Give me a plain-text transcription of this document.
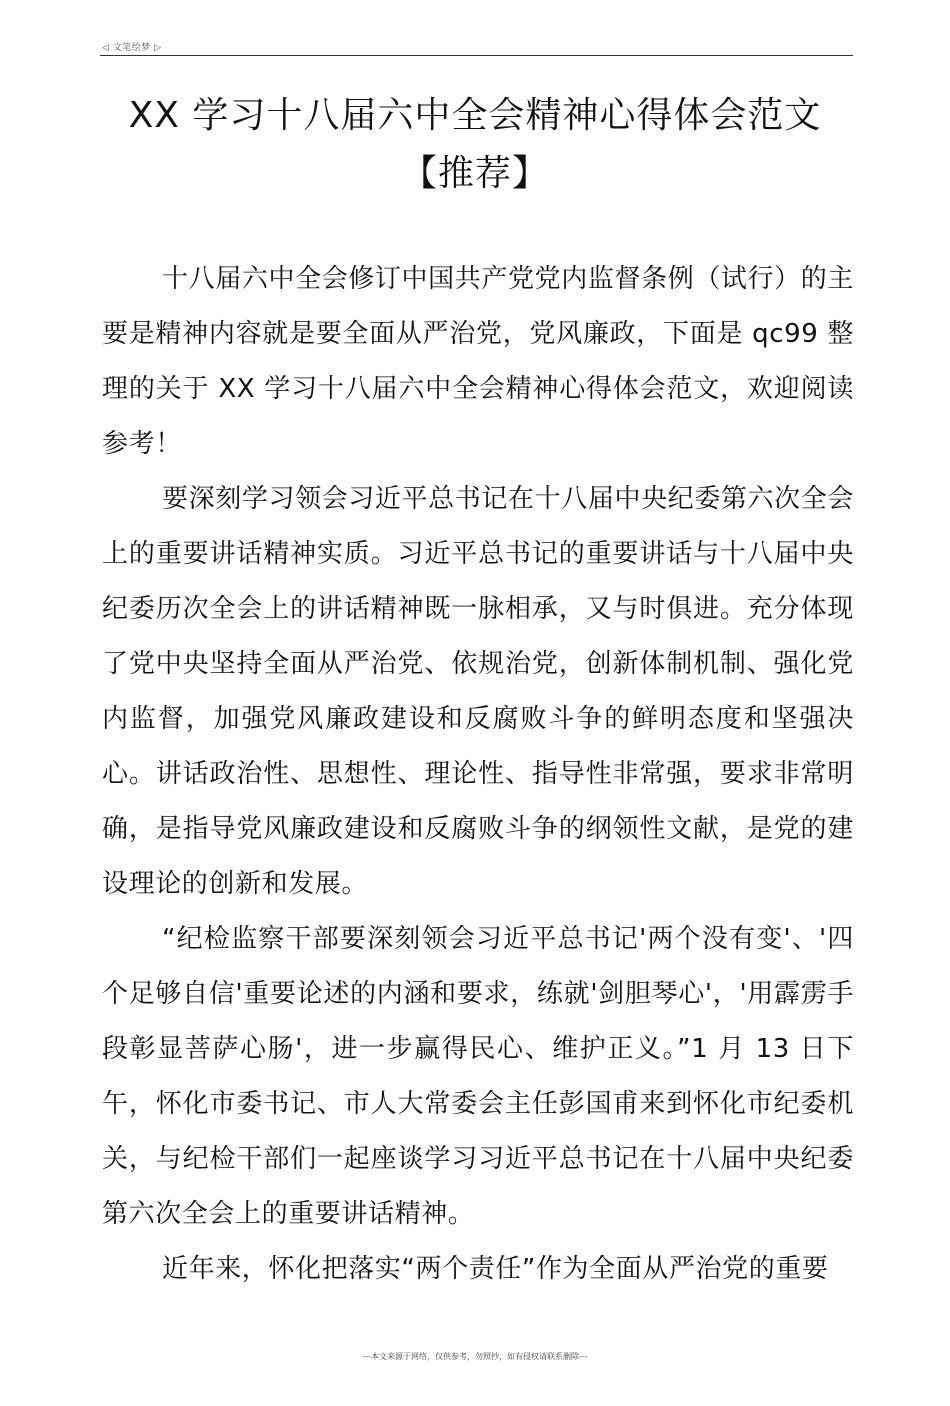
◁ 文笔绘梦 ▷
XX 学习十八届六中全会精神心得体会范文
【推荐】

十八届六中全会修订中国共产党党内监督条例（试行）的主要是精神内容就是要全面从严治党，党风廉政，下面是 qc99 整理的关于 XX 学习十八届六中全会精神心得体会范文，欢迎阅读参考！

要深刻学习领会习近平总书记在十八届中央纪委第六次全会上的重要讲话精神实质。习近平总书记的重要讲话与十八届中央纪委历次全会上的讲话精神既一脉相承，又与时俱进。充分体现了党中央坚持全面从严治党、依规治党，创新体制机制、强化党内监督，加强党风廉政建设和反腐败斗争的鲜明态度和坚强决心。讲话政治性、思想性、理论性、指导性非常强，要求非常明确，是指导党风廉政建设和反腐败斗争的纲领性文献，是党的建设理论的创新和发展。

“纪检监察干部要深刻领会习近平总书记'两个没有变'、'四个足够自信'重要论述的内涵和要求，练就'剑胆琴心'，'用霹雳手段彰显菩萨心肠'，进一步赢得民心、维护正义。”1 月 13 日下午，怀化市委书记、市人大常委会主任彭国甫来到怀化市纪委机关，与纪检干部们一起座谈学习习近平总书记在十八届中央纪委第六次全会上的重要讲话精神。

近年来，怀化把落实“两个责任”作为全面从严治党的重要

---本文来源于网络，仅供参考，勿照抄，如有侵权请联系删除---
